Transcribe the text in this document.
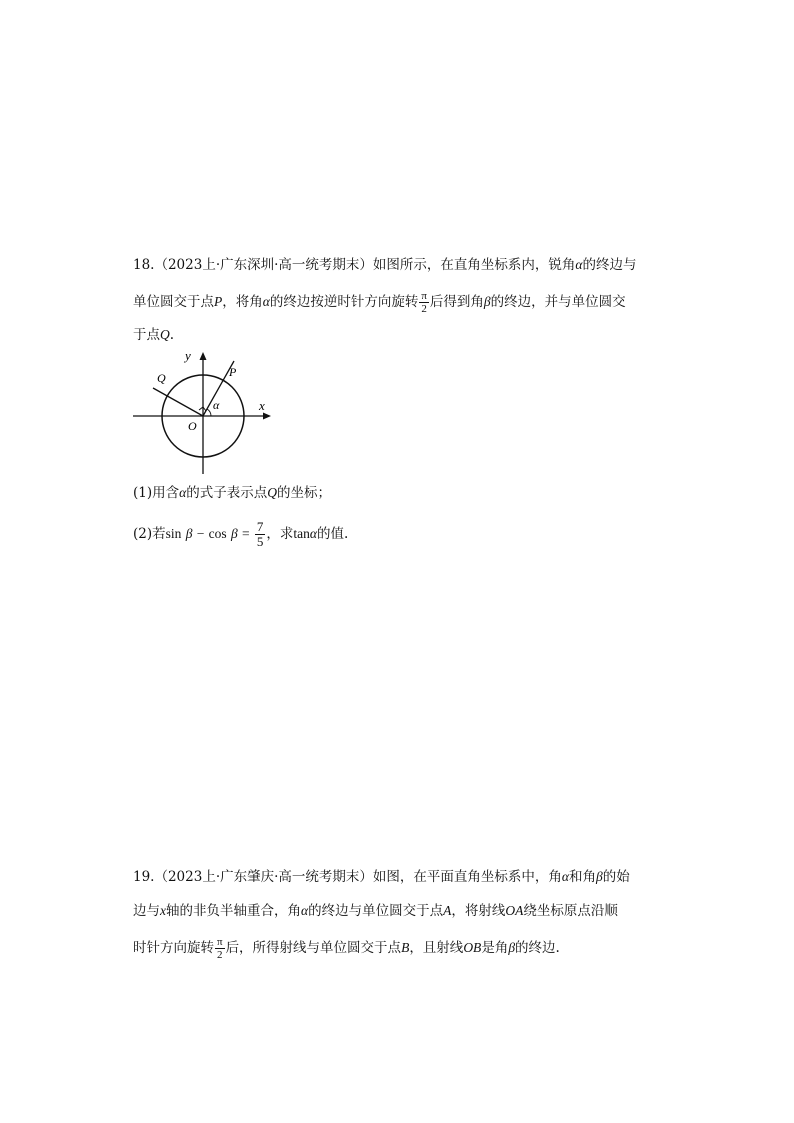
18.（2023上·广东深圳·高一统考期末）如图所示，在直角坐标系内，锐角α的终边与
单位圆交于点P，将角α的终边按逆时针方向旋转 $\frac{\pi}{2}$ 后得到角β的终边，并与单位圆交
于点Q.
y
x
O
P
Q
α
(1)用含α的式子表示点Q的坐标；
(2)若$\sin \beta - \cos \beta = \frac{7}{5}$ ，求tanα的值.
19.（2023上·广东肇庆·高一统考期末）如图，在平面直角坐标系中，角α和角β的始
边与x轴的非负半轴重合，角α的终边与单位圆交于点A，将射线OA绕坐标原点沿顺
时针方向旋转 $\frac{\pi}{2}$ 后，所得射线与单位圆交于点B，且射线OB是角β的终边.
